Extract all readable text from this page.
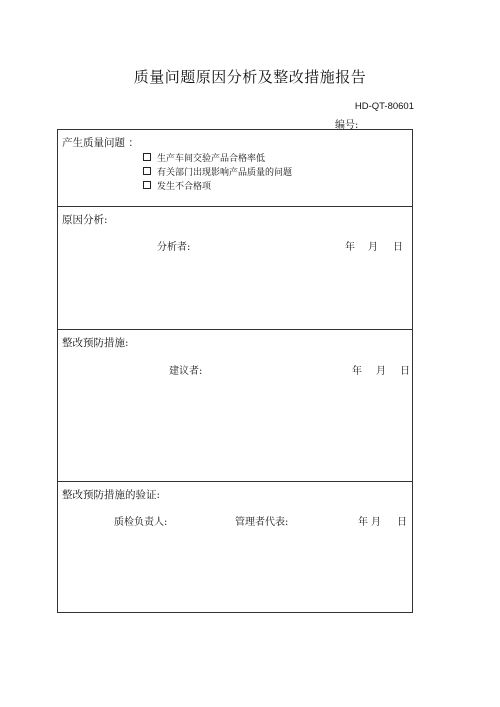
质量问题原因分析及整改措施报告
HD-QT-80601
编号:
产生质量问题 ：
生产车间交验产品合格率低
有关部门出现影响产品质量的问题
发生不合格项
原因分析:
分析者:	年 月 日
整改预防措施:
建议者:	年 月 日
整改预防措施的验证:
质检负责人:	管理者代表:	年 月 日
